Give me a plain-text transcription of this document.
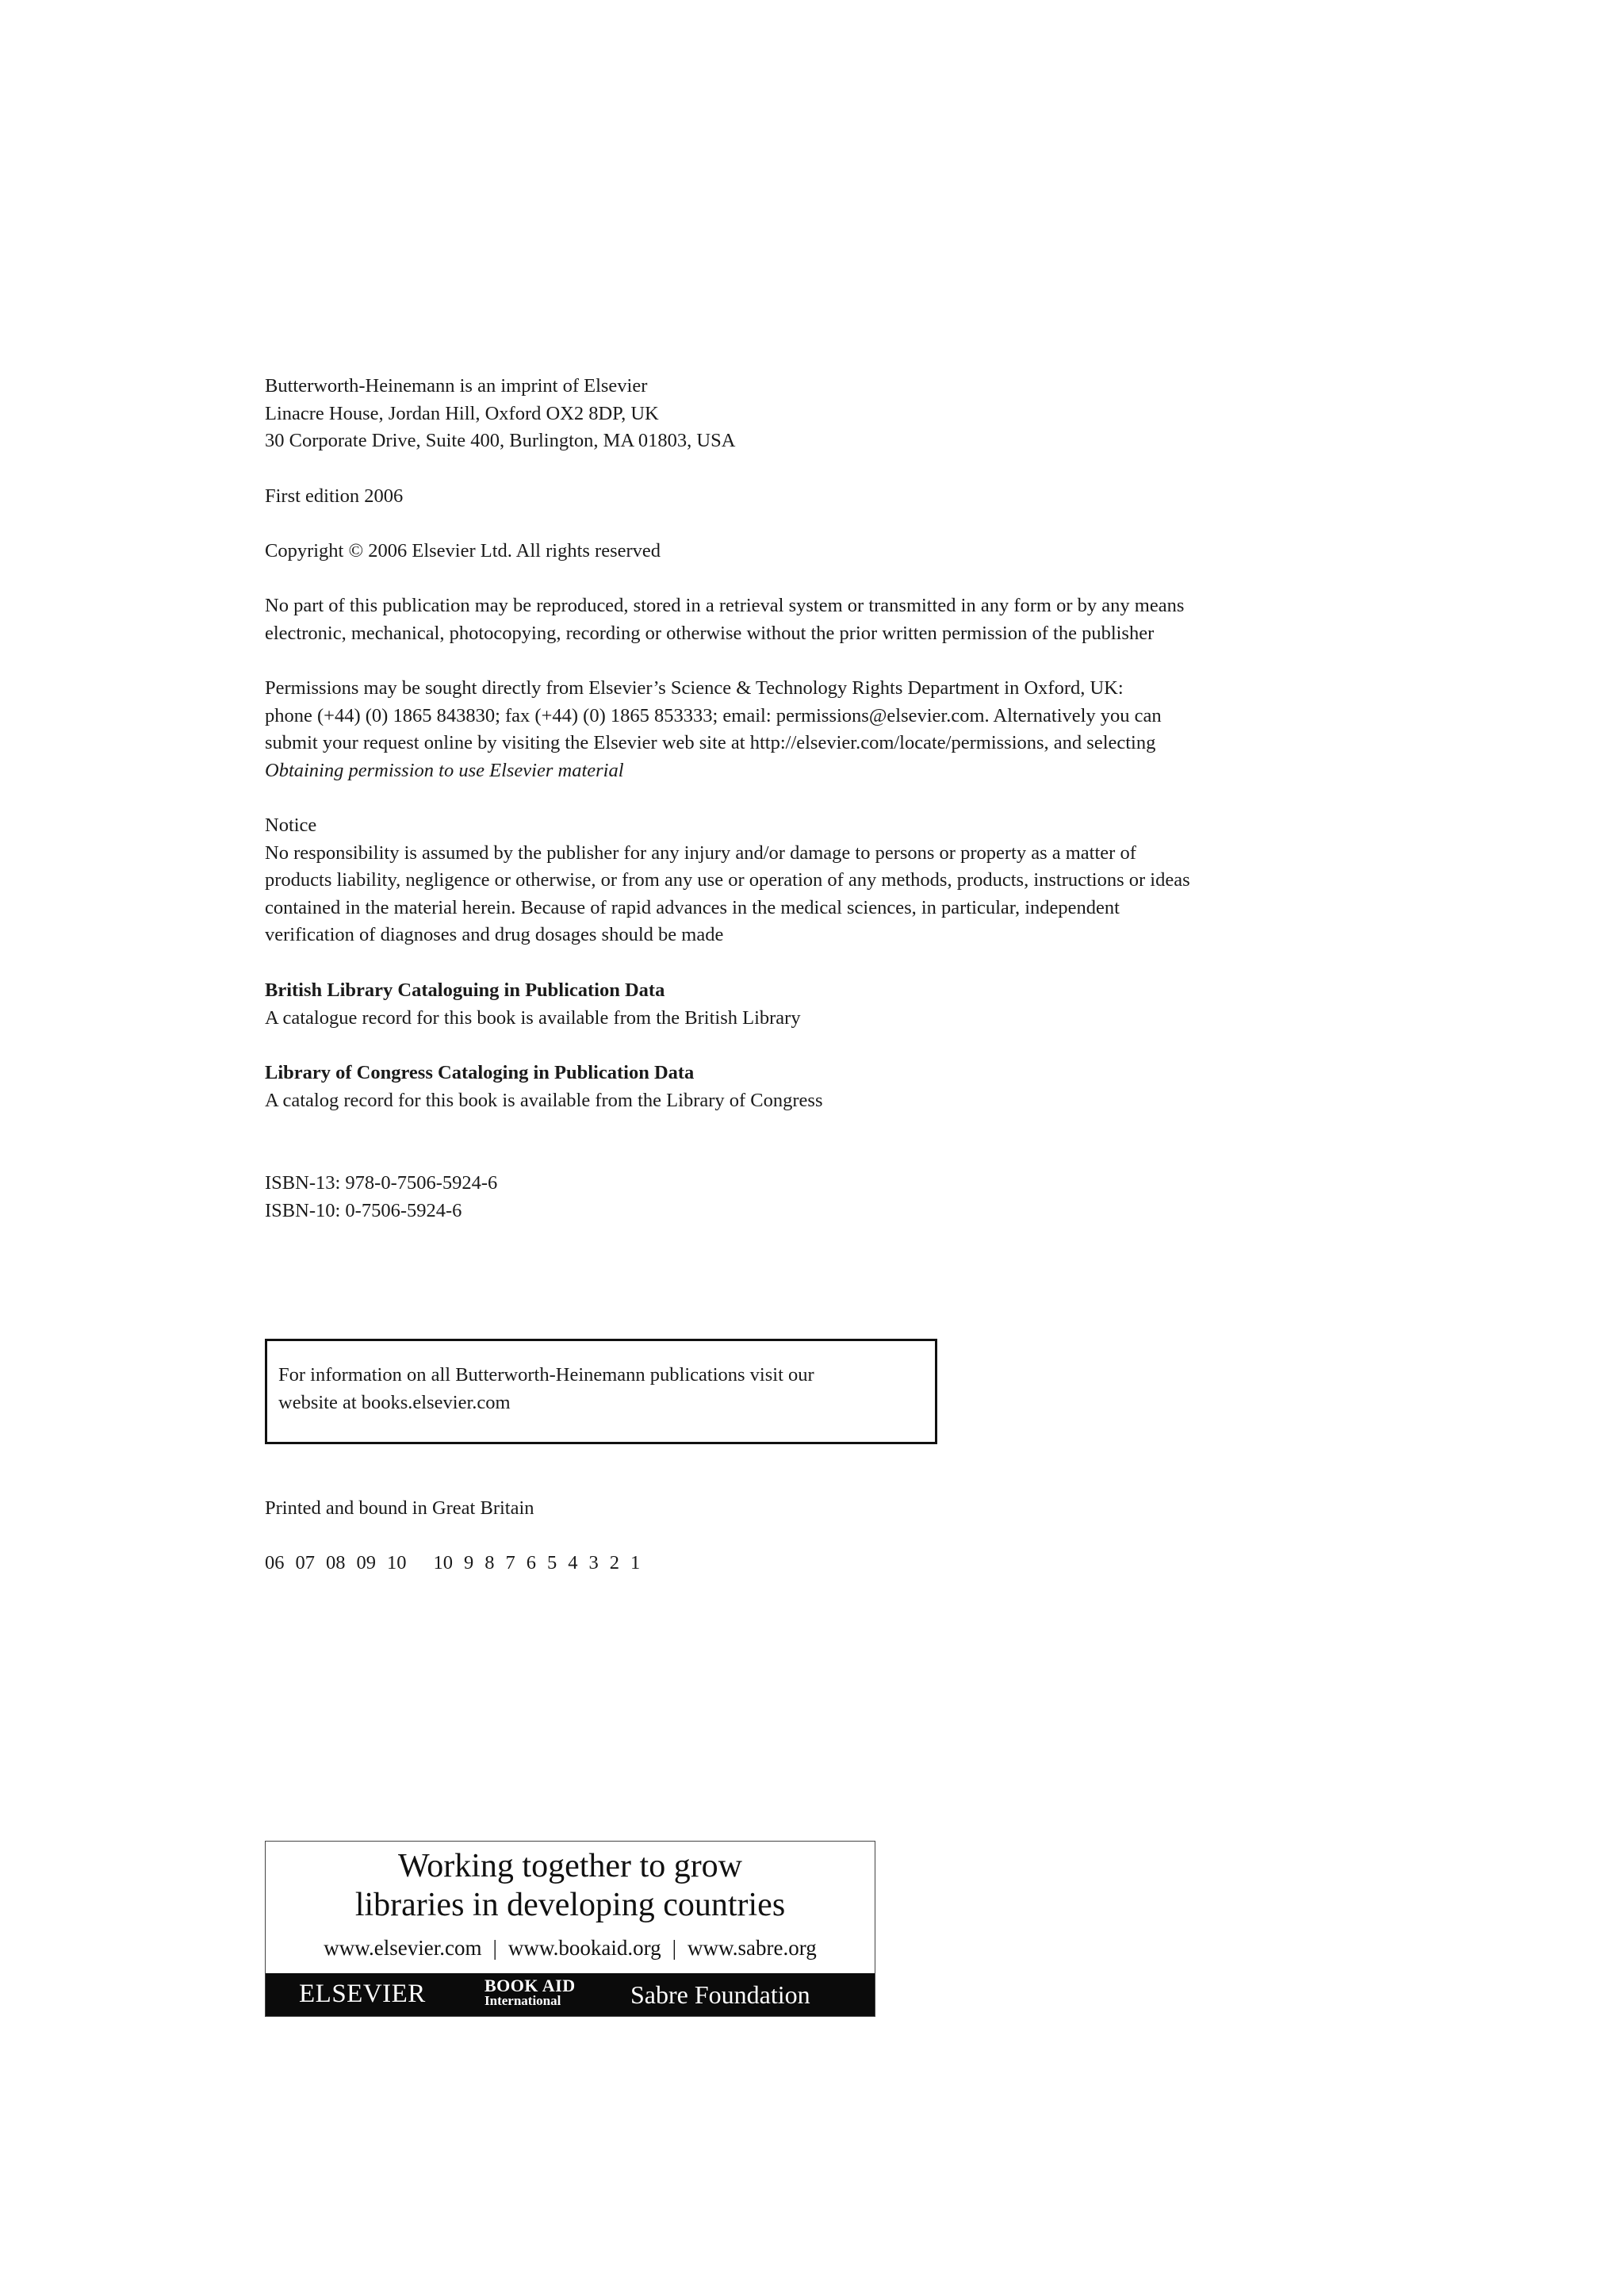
Butterworth-Heinemann is an imprint of Elsevier
Linacre House, Jordan Hill, Oxford OX2 8DP, UK
30 Corporate Drive, Suite 400, Burlington, MA 01803, USA
First edition 2006
Copyright © 2006 Elsevier Ltd. All rights reserved
No part of this publication may be reproduced, stored in a retrieval system or transmitted in any form or by any means
electronic, mechanical, photocopying, recording or otherwise without the prior written permission of the publisher
Permissions may be sought directly from Elsevier’s Science & Technology Rights Department in Oxford, UK:
phone (+44) (0) 1865 843830; fax (+44) (0) 1865 853333; email: permissions@elsevier.com. Alternatively you can
submit your request online by visiting the Elsevier web site at http://elsevier.com/locate/permissions, and selecting
Obtaining permission to use Elsevier material
Notice
No responsibility is assumed by the publisher for any injury and/or damage to persons or property as a matter of
products liability, negligence or otherwise, or from any use or operation of any methods, products, instructions or ideas
contained in the material herein. Because of rapid advances in the medical sciences, in particular, independent
verification of diagnoses and drug dosages should be made
British Library Cataloguing in Publication Data
A catalogue record for this book is available from the British Library
Library of Congress Cataloging in Publication Data
A catalog record for this book is available from the Library of Congress
ISBN-13: 978-0-7506-5924-6
ISBN-10: 0-7506-5924-6
For information on all Butterworth-Heinemann publications visit our
website at books.elsevier.com
Printed and bound in Great Britain
06 07 08 09 10 10 9 8 7 6 5 4 3 2 1
Working together to grow
libraries in developing countries
www.elsevier.com | www.bookaid.org | www.sabre.org
ELSEVIER	BOOK AID
International	Sabre Foundation
